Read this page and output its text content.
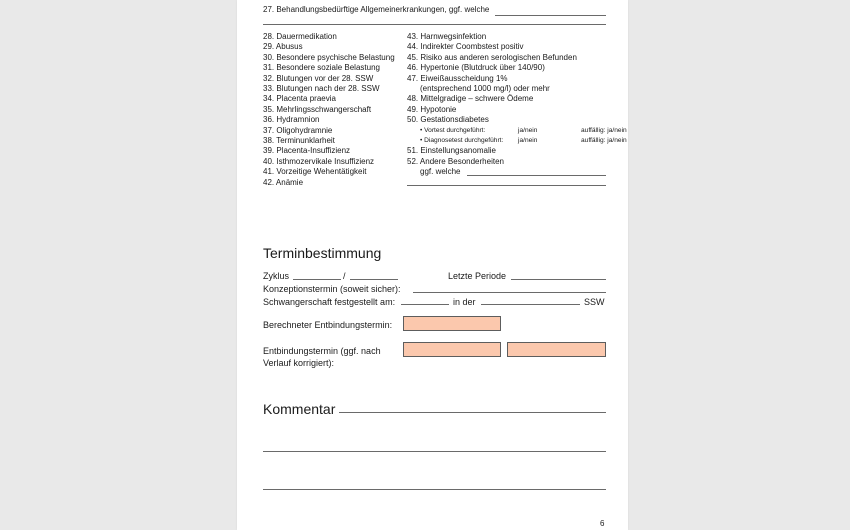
27. Behandlungsbedürftige Allgemeinerkrankungen, ggf. welche
28. Dauermedikation
29. Abusus
30. Besondere psychische Belastung
31. Besondere soziale Belastung
32. Blutungen vor der 28. SSW
33. Blutungen nach der 28. SSW
34. Placenta praevia
35. Mehrlingsschwangerschaft
36. Hydramnion
37. Oligohydramnie
38. Terminunklarheit
39. Placenta-Insuffizienz
40. Isthmozervikale Insuffizienz
41. Vorzeitige Wehentätigkeit
42. Anämie
43. Harnwegsinfektion
44. Indirekter Coombstest positiv
45. Risiko aus anderen serologischen Befunden
46. Hypertonie (Blutdruck über 140/90)
47. Eiweißausscheidung 1%
(entsprechend 1000 mg/l) oder mehr
48. Mittelgradige – schwere Ödeme
49. Hypotonie
50. Gestationsdiabetes
• Vortest durchgeführt:	ja/nein	auffällig: ja/nein
• Diagnosetest durchgeführt: ja/nein	auffällig: ja/nein
51. Einstellungsanomalie
52. Andere Besonderheiten
ggf. welche
Terminbestimmung
Zyklus	/	Letzte Periode
Konzeptionstermin (soweit sicher):
Schwangerschaft festgestellt am:	in der	SSW
Berechneter Entbindungstermin:
Entbindungstermin (ggf. nach
Verlauf korrigiert):
Kommentar
6
